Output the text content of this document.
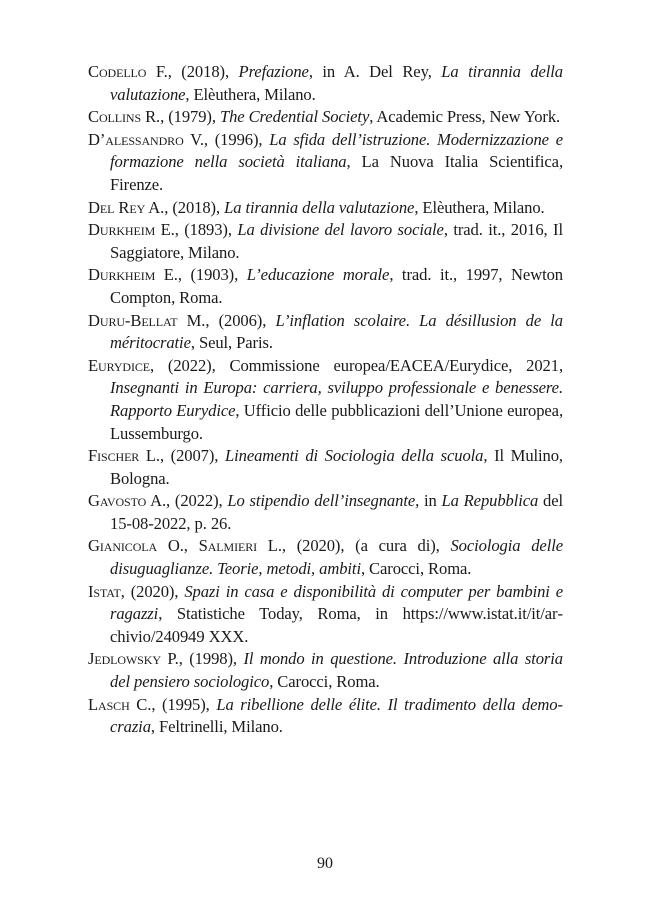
Codello F., (2018), Prefazione, in A. Del Rey, La tirannia della valutazione, Elèuthera, Milano.

Collins R., (1979), The Credential Society, Academic Press, New York.

D’alessandro V., (1996), La sfida dell’istruzione. Modernizzazione e formazione nella società italiana, La Nuova Italia Scientifica, Firenze.

Del Rey A., (2018), La tirannia della valutazione, Elèuthera, Milano.

Durkheim E., (1893), La divisione del lavoro sociale, trad. it., 2016, Il Saggiatore, Milano.

Durkheim E., (1903), L’educazione morale, trad. it., 1997, Newton Compton, Roma.

Duru-Bellat M., (2006), L’inflation scolaire. La désillusion de la méritocratie, Seul, Paris.

Eurydice, (2022), Commissione europea/EACEA/Eurydice, 2021, Insegnanti in Europa: carriera, sviluppo professionale e benessere. Rapporto Eurydice, Ufficio delle pubblicazioni dell’Unione europea, Lussemburgo.

Fischer L., (2007), Lineamenti di Sociologia della scuola, Il Mulino, Bologna.

Gavosto A., (2022), Lo stipendio dell’insegnante, in La Repubblica del 15-08-2022, p. 26.

Gianicola O., Salmieri L., (2020), (a cura di), Sociologia delle disuguaglianze. Teorie, metodi, ambiti, Carocci, Roma.

Istat, (2020), Spazi in casa e disponibilità di computer per bambini e ragazzi, Statistiche Today, Roma, in https://www.istat.it/it/archivio/240949 XXX.

Jedlowsky P., (1998), Il mondo in questione. Introduzione alla storia del pensiero sociologico, Carocci, Roma.

Lasch C., (1995), La ribellione delle élite. Il tradimento della democrazia, Feltrinelli, Milano.

90
